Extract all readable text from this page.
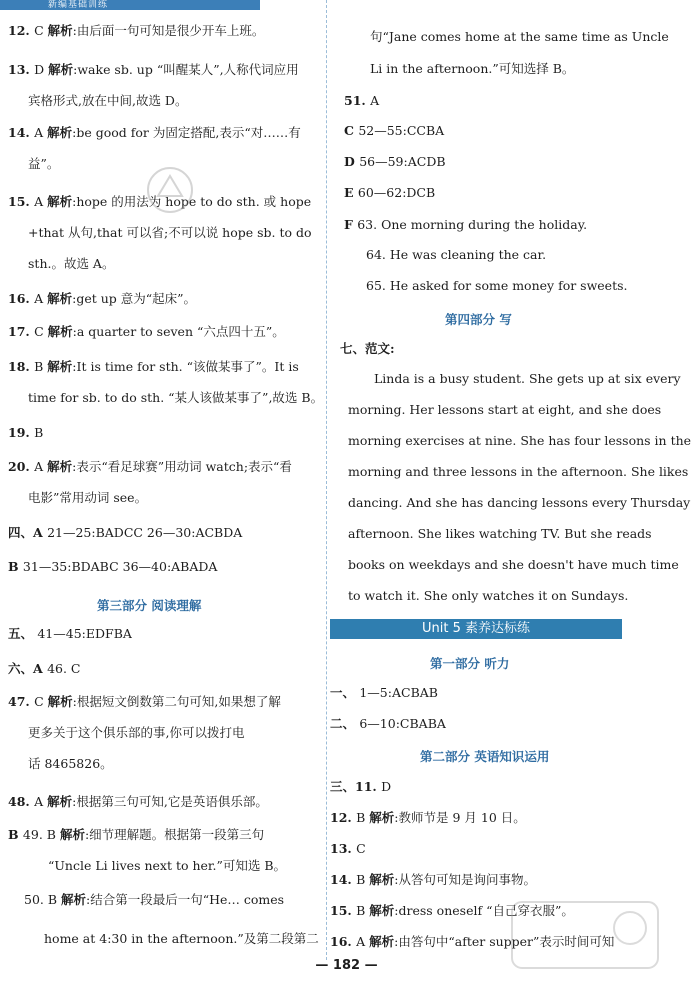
新编基础训练
12. C 解析:由后面一句可知是很少开车上班。
13. D 解析:wake sb. up “叫醒某人”,人称代词应用
宾格形式,放在中间,故选 D。
14. A 解析:be good for 为固定搭配,表示“对……有
益”。
15. A 解析:hope 的用法为 hope to do sth. 或 hope
+that 从句,that 可以省;不可以说 hope sb. to do
sth.。故选 A。
16. A 解析:get up 意为“起床”。
17. C 解析:a quarter to seven “六点四十五”。
18. B 解析:It is time for sth. “该做某事了”。It is
time for sb. to do sth. “某人该做某事了”,故选 B。
19. B
20. A 解析:表示“看足球赛”用动词 watch;表示“看
电影”常用动词 see。
四、A 21—25:BADCC 26—30:ACBDA
B 31—35:BDABC 36—40:ABADA
五、 41—45:EDFBA
六、A 46. C
47. C 解析:根据短文倒数第二句可知,如果想了解
更多关于这个俱乐部的事,你可以拨打电
话 8465826。
48. A 解析:根据第三句可知,它是英语俱乐部。
B 49. B 解析:细节理解题。根据第一段第三句
“Uncle Li lives next to her.”可知选 B。
50. B 解析:结合第一段最后一句“He… comes
home at 4:30 in the afternoon.”及第二段第二
第三部分 阅读理解
句“Jane comes home at the same time as Uncle
Li in the afternoon.”可知选择 B。
51. A
C 52—55:CCBA
D 56—59:ACDB
E 60—62:DCB
F 63. One morning during the holiday.
64. He was cleaning the car.
65. He asked for some money for sweets.
第四部分 写
七、范文:
Linda is a busy student. She gets up at six every
morning. Her lessons start at eight, and she does
morning exercises at nine. She has four lessons in the
morning and three lessons in the afternoon. She likes
dancing. And she has dancing lessons every Thursday
afternoon. She likes watching TV. But she reads
books on weekdays and she doesn't have much time
to watch it. She only watches it on Sundays.
第一部分 听力
一、 1—5:ACBAB
二、 6—10:CBABA
第二部分 英语知识运用
三、11. D
12. B 解析:教师节是 9 月 10 日。
13. C
14. B 解析:从答句可知是询问事物。
15. B 解析:dress oneself “自己穿衣服”。
16. A 解析:由答句中“after supper”表示时间可知
Unit 5 素养达标练
— 182 —
